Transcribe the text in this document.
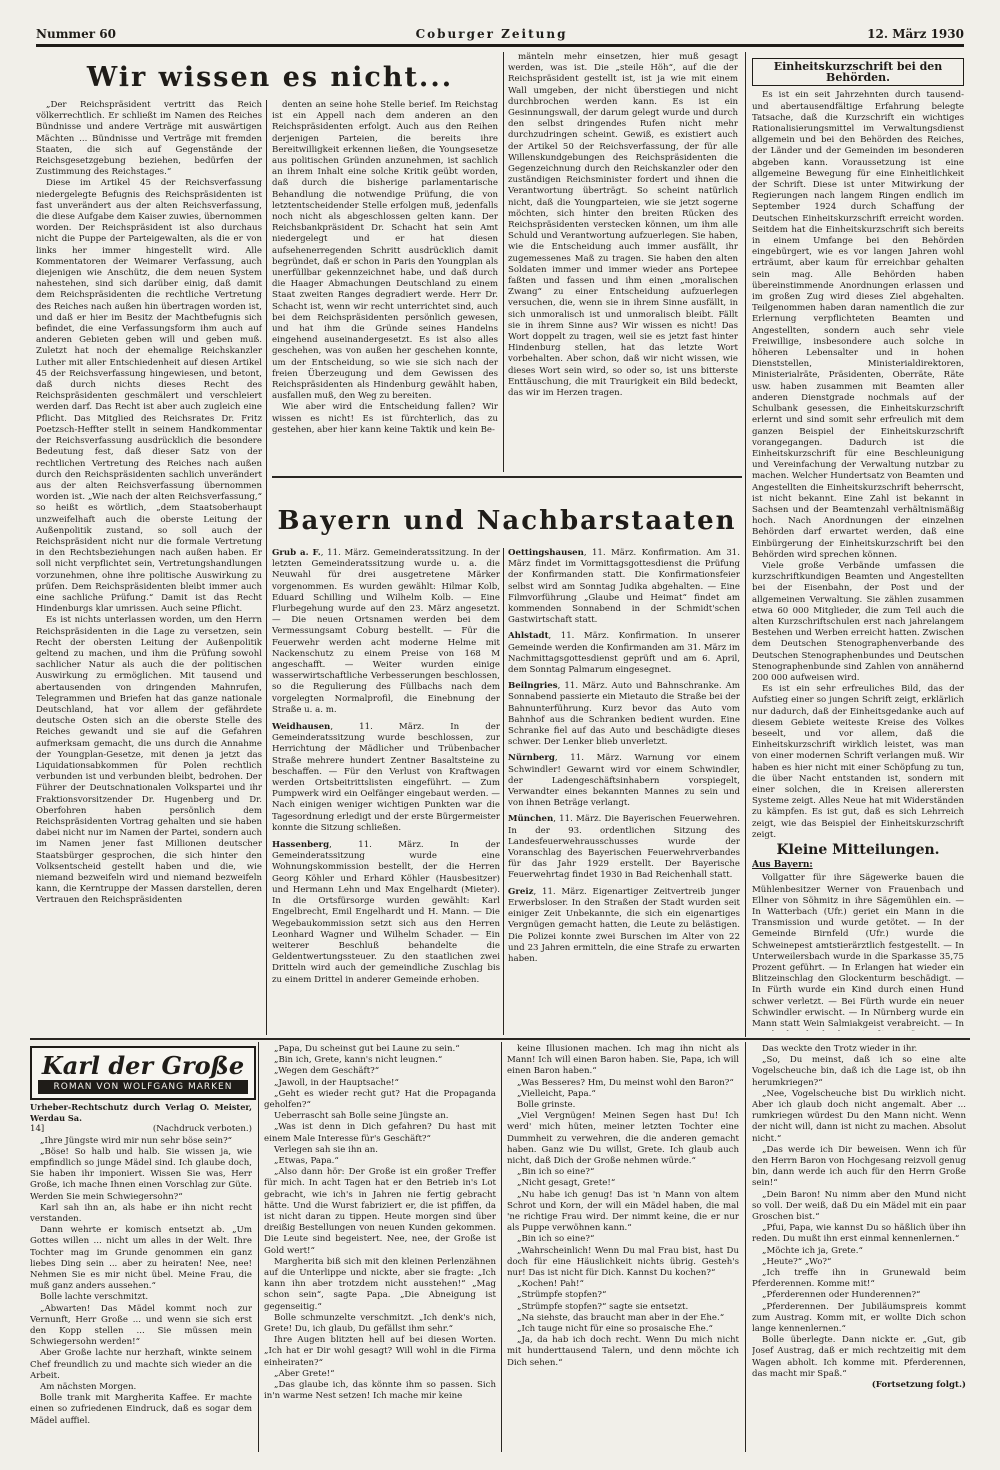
Nummer 60	Coburger Zeitung	12. März 1930
Wir wissen es nicht...

„Der Reichspräsident vertritt das Reich völkerrechtlich. Er schließt im Namen des Reiches Bündnisse und andere Verträge mit auswärtigen Mächten ... Bündnisse und Verträge mit fremden Staaten, die sich auf Gegenstände der Reichsgesetzgebung beziehen, bedürfen der Zustimmung des Reichstages.“

Diese im Artikel 45 der Reichsverfassung niedergelegte Befugnis des Reichspräsidenten ist fast unverändert aus der alten Reichsverfassung, die diese Aufgabe dem Kaiser zuwies, übernommen worden. Der Reichspräsident ist also durchaus nicht die Puppe der Parteigewalten, als die er von links her immer hingestellt wird. Alle Kommentatoren der Weimarer Verfassung, auch diejenigen wie Anschütz, die dem neuen System nahestehen, sind sich darüber einig, daß damit dem Reichspräsidenten die rechtliche Vertretung des Reiches nach außen hin übertragen worden ist, und daß er hier im Besitz der Machtbefugnis sich befindet, die eine Verfassungsform ihm auch auf anderen Gebieten geben will und geben muß. Zuletzt hat noch der ehemalige Reichskanzler Luther mit aller Entschiedenheit auf diesen Artikel 45 der Reichsverfassung hingewiesen, und betont, daß durch nichts dieses Recht des Reichspräsidenten geschmälert und verschleiert werden darf. Das Recht ist aber auch zugleich eine Pflicht. Das Mitglied des Reichsrates Dr. Fritz Poetzsch-Heffter stellt in seinem Handkommentar der Reichsverfassung ausdrücklich die besondere Bedeutung fest, daß dieser Satz von der rechtlichen Vertretung des Reiches nach außen durch den Reichspräsidenten sachlich unverändert aus der alten Reichsverfassung übernommen worden ist. „Wie nach der alten Reichsverfassung,“ so heißt es wörtlich, „dem Staatsoberhaupt unzweifelhaft auch die oberste Leitung der Außenpolitik zustand, so soll auch der Reichspräsident nicht nur die formale Vertretung in den Rechtsbeziehungen nach außen haben. Er soll nicht verpflichtet sein, Vertretungshandlungen vorzunehmen, ohne ihre politische Auswirkung zu prüfen. Dem Reichspräsidenten bleibt immer auch eine sachliche Prüfung.“ Damit ist das Recht Hindenburgs klar umrissen. Auch seine Pflicht.

Es ist nichts unterlassen worden, um den Herrn Reichspräsidenten in die Lage zu versetzen, sein Recht der obersten Leitung der Außenpolitik geltend zu machen, und ihm die Prüfung sowohl sachlicher Natur als auch die der politischen Auswirkung zu ermöglichen. Mit tausend und abertausenden von dringenden Mahnrufen, Telegrammen und Briefen hat das ganze nationale Deutschland, hat vor allem der gefährdete deutsche Osten sich an die oberste Stelle des Reiches gewandt und sie auf die Gefahren aufmerksam gemacht, die uns durch die Annahme der Youngplan-Gesetze, mit denen ja jetzt das Liquidationsabkommen für Polen rechtlich verbunden ist und verbunden bleibt, bedrohen. Der Führer der Deutschnationalen Volkspartei und ihr Fraktionsvorsitzender Dr. Hugenberg und Dr. Oberfohren haben persönlich dem Reichspräsidenten Vortrag gehalten und sie haben dabei nicht nur im Namen der Partei, sondern auch im Namen jener fast Millionen deutscher Staatsbürger gesprochen, die sich hinter den Volksentscheid gestellt haben und die, wie niemand bezweifeln wird und niemand bezweifeln kann, die Kerntruppe der Massen darstellen, deren Vertrauen den Reichspräsidenten

denten an seine hohe Stelle berief. Im Reichstag ist ein Appell nach dem anderen an den Reichspräsidenten erfolgt. Auch aus den Reihen derjenigen Parteien, die bereits ihre Bereitwilligkeit erkennen ließen, die Youngsesetze aus politischen Gründen anzunehmen, ist sachlich an ihrem Inhalt eine solche Kritik geübt worden, daß durch die bisherige parlamentarische Behandlung die notwendige Prüfung, die von letztentscheidender Stelle erfolgen muß, jedenfalls noch nicht als abgeschlossen gelten kann. Der Reichsbankpräsident Dr. Schacht hat sein Amt niedergelegt und er hat diesen aufsehenerregenden Schritt ausdrücklich damit begründet, daß er schon in Paris den Youngplan als unerfüllbar gekennzeichnet habe, und daß durch die Haager Abmachungen Deutschland zu einem Staat zweiten Ranges degradiert werde. Herr Dr. Schacht ist, wenn wir recht unterrichtet sind, auch bei dem Reichspräsidenten persönlich gewesen, und hat ihm die Gründe seines Handelns eingehend auseinandergesetzt. Es ist also alles geschehen, was von außen her geschehen konnte, um der Entscheidung, so wie sie sich nach der freien Überzeugung und dem Gewissen des Reichspräsidenten als Hindenburg gewählt haben, ausfallen muß, den Weg zu bereiten.

Wie aber wird die Entscheidung fallen? Wir wissen es nicht! Es ist fürchterlich, das zu gestehen, aber hier kann keine Taktik und kein Be-

mänteln mehr einsetzen, hier muß gesagt werden, was ist. Die „steile Höh“, auf die der Reichspräsident gestellt ist, ist ja wie mit einem Wall umgeben, der nicht überstiegen und nicht durchbrochen werden kann. Es ist ein Gesinnungswall, der darum gelegt wurde und durch den selbst dringendes Rufen nicht mehr durchzudringen scheint. Gewiß, es existiert auch der Artikel 50 der Reichsverfassung, der für alle Willenskundgebungen des Reichspräsidenten die Gegenzeichnung durch den Reichskanzler oder den zuständigen Reichsminister fordert und ihnen die Verantwortung überträgt. So scheint natürlich nicht, daß die Youngparteien, wie sie jetzt sogerne möchten, sich hinter den breiten Rücken des Reichspräsidenten verstecken können, um ihm alle Schuld und Verantwortung aufzuerlegen. Sie haben, wie die Entscheidung auch immer ausfällt, ihr zugemessenes Maß zu tragen. Sie haben den alten Soldaten immer und immer wieder ans Portepee faßten und fassen und ihm einen „moralischen Zwang“ zu einer Entscheidung aufzuerlegen versuchen, die, wenn sie in ihrem Sinne ausfällt, in sich unmoralisch ist und unmoralisch bleibt. Fällt sie in ihrem Sinne aus? Wir wissen es nicht! Das Wort doppelt zu tragen, weil sie es jetzt fast hinter Hindenburg stellen, hat das letzte Wort vorbehalten. Aber schon, daß wir nicht wissen, wie dieses Wort sein wird, so oder so, ist uns bitterste Enttäuschung, die mit Traurigkeit ein Bild bedeckt, das wir im Herzen tragen.

Einheitskurzschrift bei den Behörden.

Es ist ein seit Jahrzehnten durch tausend- und abertausendfältige Erfahrung belegte Tatsache, daß die Kurzschrift ein wichtiges Rationalisierungsmittel im Verwaltungsdienst allgemein und bei den Behörden des Reiches, der Länder und der Gemeinden im besonderen abgeben kann. Voraussetzung ist eine allgemeine Bewegung für eine Einheitlichkeit der Schrift. Diese ist unter Mitwirkung der Regierungen nach langem Ringen endlich im September 1924 durch Schaffung der Deutschen Einheitskurzschrift erreicht worden. Seitdem hat die Einheitskurzschrift sich bereits in einem Umfange bei den Behörden eingebürgert, wie es vor langen Jahren wohl erträumt, aber kaum für erreichbar gehalten sein mag. Alle Behörden haben übereinstimmende Anordnungen erlassen und im großen Zug wird dieses Ziel abgehalten. Teilgenommen haben daran namentlich die zur Erlernung verpflichteten Beamten und Angestellten, sondern auch sehr viele Freiwillige, insbesondere auch solche in höheren Lebensalter und in hohen Dienststellen, Ministerialdirektoren, Ministerialräte, Präsidenten, Oberräte, Räte usw. haben zusammen mit Beamten aller anderen Dienstgrade nochmals auf der Schulbank gesessen, die Einheitskurzschrift erlernt und sind somit sehr erfreulich mit dem ganzen Beispiel der Einheitskurzschrift vorangegangen. Dadurch ist die Einheitskurzschrift für eine Beschleunigung und Vereinfachung der Verwaltung nutzbar zu machen. Welcher Hundertsatz von Beamten und Angestellten die Einheitskurzschrift beherrscht, ist nicht bekannt. Eine Zahl ist bekannt in Sachsen und der Beamtenzahl verhältnismäßig hoch. Nach Anordnungen der einzelnen Behörden darf erwartet werden, daß eine Einbürgerung der Einheitskurzschrift bei den Behörden wird sprechen können.

Viele große Verbände umfassen die kurzschriftkundigen Beamten und Angestellten bei der Eisenbahn, der Post und der allgemeinen Verwaltung. Sie zählen zusammen etwa 60 000 Mitglieder, die zum Teil auch die alten Kurzschriftschulen erst nach jahrelangem Bestehen und Werben erreicht hatten. Zwischen dem Deutschen Stenographenverbande des Deutschen Stenographenbundes und Deutschen Stenographenbunde sind Zahlen von annähernd 200 000 aufweisen wird.

Es ist ein sehr erfreuliches Bild, das der Aufstieg einer so jungen Schrift zeigt, erklärlich nur dadurch, daß der Einheitsgedanke auch auf diesem Gebiete weiteste Kreise des Volkes beseelt, und vor allem, daß die Einheitskurzschrift wirklich leistet, was man von einer modernen Schrift verlangen muß. Wir haben es hier nicht mit einer Schöpfung zu tun, die über Nacht entstanden ist, sondern mit einer solchen, die in Kreisen allerersten Systeme zeigt. Alles Neue hat mit Widerständen zu kämpfen. Es ist gut, daß es sich Lehrreich zeigt, wie das Beispiel der Einheitskurzschrift zeigt.

Kleine Mitteilungen.
Aus Bayern:

Vollgatter für ihre Sägewerke bauen die Mühlenbesitzer Werner von Frauenbach und Ellner von Söhmitz in ihre Sägemühlen ein. — In Watterbach (Ufr.) geriet ein Mann in die Transmission und wurde getötet. — In der Gemeinde Birnfeld (Ufr.) wurde die Schweinepest amtstierärztlich festgestellt. — In Unterweilersbach wurde in die Sparkasse 35,75 Prozent geführt. — In Erlangen hat wieder ein Blitzeinschlag den Glockenturm beschädigt. — In Fürth wurde ein Kind durch einen Hund schwer verletzt. — Bei Fürth wurde ein neuer Schwindler erwischt. — In Nürnberg wurde ein Mann statt Wein Salmiakgeist verabreicht. — In

Bayern und Nachbarstaaten
Grub a. F., 11. März. Gemeinderatssitzung. In der letzten Gemeinderatssitzung wurde u. a. die Neuwahl für drei ausgetretene Märker vorgenommen. Es wurden gewählt: Hilmar Kolb, Eduard Schilling und Wilhelm Kolb. — Eine Flurbegehung wurde auf den 23. März angesetzt. — Die neuen Ortsnamen werden bei dem Vermessungsamt Coburg bestellt. — Für die Feuerwehr werden acht moderne Helme mit Nackenschutz zu einem Preise von 168 M angeschafft. — Weiter wurden einige wasserwirtschaftliche Verbesserungen beschlossen, so die Regulierung des Füllbachs nach dem vorgelegten Normalprofil, die Einebnung der Straße u. a. m.
Weidhausen, 11. März.	In der Gemeinderatssitzung wurde beschlossen, zur Herrichtung der Mädlicher und Trübenbacher Straße mehrere hundert Zentner Basaltsteine zu beschaffen. — Für den Verlust von Kraftwagen werden Ortsbeitrittslisten eingeführt. — Zum Pumpwerk wird ein Oelfänger eingebaut werden. — Nach einigen weniger wichtigen Punkten war die Tagesordnung erledigt und der erste Bürgermeister konnte die Sitzung schließen.
Hassenberg, 11. März.	In der Gemeinderatssitzung wurde eine Wohnungskommission bestellt, der die Herren Georg Köhler und Erhard Köhler (Hausbesitzer) und Hermann Lehn und Max Engelhardt (Mieter). In die Ortsfürsorge wurden gewählt: Karl Engelbrecht, Emil Engelhardt und H. Mann. — Die Wegebaukommission setzt sich aus den Herren Leonhard Wagner und Wilhelm Schader. — Ein weiterer Beschluß behandelte die Geldentwertungssteuer. Zu den staatlichen zwei Dritteln wird auch der gemeindliche Zuschlag bis zu einem Drittel in anderer Gemeinde erhoben.
Oettingshausen, 11. März. Konfirmation. Am 31. März findet im Vormittagsgottesdienst die Prüfung der Konfirmanden statt. Die Konfirmationsfeier selbst wird am Sonntag Judika abgehalten. — Eine Filmvorführung „Glaube und Heimat“ findet am kommenden Sonnabend in der Schmidt'schen Gastwirtschaft statt.
Ahlstadt, 11. März. Konfirmation. In unserer Gemeinde werden die Konfirmanden am 31. März im Nachmittagsgottesdienst geprüft und am 6. April, dem Sonntag Palmarum eingesegnet.
Beilngries, 11. März. Auto und Bahnschranke. Am Sonnabend passierte ein Mietauto die Straße bei der Bahnunterführung. Kurz bevor das Auto vom Bahnhof aus die Schranken bedient wurden. Eine Schranke fiel auf das Auto und beschädigte dieses schwer. Der Lenker blieb unverletzt.
Nürnberg, 11. März. Warnung vor einem Schwindler! Gewarnt wird vor einem Schwindler, der Ladengeschäftsinhabern vorspiegelt, Verwandter eines bekannten Mannes zu sein und von ihnen Beträge verlangt.
München, 11. März. Die Bayerischen Feuerwehren. In der 93. ordentlichen Sitzung des Landesfeuerwehrausschusses wurde der Voranschlag des Bayerischen Feuerwehrverbandes für das Jahr 1929 erstellt. Der Bayerische Feuerwehrtag findet 1930 in Bad Reichenhall statt.
Greiz, 11. März. Eigenartiger Zeitvertreib junger Erwerbsloser. In den Straßen der Stadt wurden seit einiger Zeit Unbekannte, die sich ein eigenartiges Vergnügen gemacht hatten, die Leute zu belästigen. Die Polizei konnte zwei Burschen im Alter von 22 und 23 Jahren ermitteln, die eine Strafe zu erwarten haben.
Karl der Große
ROMAN VON WOLFGANG MARKEN
Urheber-Rechtschutz durch Verlag O. Meister, Werdau Sa.
14]	(Nachdruck verboten.)

„Ihre Jüngste wird mir nun sehr böse sein?“

„Böse! So halb und halb. Sie wissen ja, wie empfindlich so junge Mädel sind. Ich glaube doch, Sie haben ihr imponiert. Wissen Sie was, Herr Große, ich mache Ihnen einen Vorschlag zur Güte. Werden Sie mein Schwiegersohn?“

Karl sah ihn an, als habe er ihn nicht recht verstanden.

Dann wehrte er komisch entsetzt ab. „Um Gottes willen ... nicht um alles in der Welt. Ihre Tochter mag im Grunde genommen ein ganz liebes Ding sein ... aber zu heiraten! Nee, nee! Nehmen Sie es mir nicht übel. Meine Frau, die muß ganz anders aussehen.“

Bolle lachte verschmitzt.

„Abwarten! Das Mädel kommt noch zur Vernunft, Herr Große ... und wenn sie sich erst den Kopp stellen ... Sie müssen mein Schwiegersohn werden!“

Aber Große lachte nur herzhaft, winkte seinem Chef freundlich zu und machte sich wieder an die Arbeit.

Am nächsten Morgen.

Bolle trank mit Margherita Kaffee. Er machte einen so zufriedenen Eindruck, daß es sogar dem Mädel auffiel.

„Papa, Du scheinst gut bei Laune zu sein.“

„Bin ich, Grete, kann's nicht leugnen.“

„Wegen dem Geschäft?“

„Jawoll, in der Hauptsache!“

„Geht es wieder recht gut? Hat die Propaganda geholfen?“

Ueberrascht sah Bolle seine Jüngste an.

„Was ist denn in Dich gefahren? Du hast mit einem Male Interesse für's Geschäft?“

Verlegen sah sie ihn an.

„Etwas, Papa.“

„Also dann hör: Der Große ist ein großer Treffer für mich. In acht Tagen hat er den Betrieb in's Lot gebracht, wie ich's in Jahren nie fertig gebracht hätte. Und die Wurst fabriziert er, die ist pfiffen, da ist nicht daran zu tippen. Heute morgen sind über dreißig Bestellungen von neuen Kunden gekommen. Die Leute sind begeistert. Nee, nee, der Große ist Gold wert!“

Margherita biß sich mit den kleinen Perlenzähnen auf die Unterlippe und nickte, aber sie fragte: „Ich kann ihn aber trotzdem nicht ausstehen!“ „Mag schon sein“, sagte Papa. „Die Abneigung ist gegenseitig.“

Bolle schmunzelte verschmitzt. „Ich denk's nich, Grete! Du, ich glaub, Du gefällst ihm sehr.“

Ihre Augen blitzten hell auf bei diesen Worten. „Ich hat er Dir wohl gesagt? Will wohl in die Firma einheiraten?“

„Aber Grete!“

„Das glaube ich, das könnte ihm so passen. Sich in'n warme Nest setzen! Ich mache mir keine

keine Illusionen machen. Ich mag ihn nicht als Mann! Ich will einen Baron haben. Sie, Papa, ich will einen Baron haben.“

„Was Besseres? Hm, Du meinst wohl den Baron?“

„Vielleicht, Papa.“

Bolle grinste.

„Viel Vergnügen! Meinen Segen hast Du! Ich werd' mich hüten, meiner letzten Tochter eine Dummheit zu verwehren, die die anderen gemacht haben. Ganz wie Du willst, Grete. Ich glaub auch nicht, daß Dich der Große nehmen würde.“

„Bin ich so eine?“

„Nicht gesagt, Grete!“

„Nu habe ich genug! Das ist 'n Mann von altem Schrot und Korn, der will ein Mädel haben, die mal 'ne richtige Frau wird. Der nimmt keine, die er nur als Puppe verwöhnen kann.“

„Bin ich so eine?“

„Wahrscheinlich! Wenn Du mal Frau bist, hast Du doch für eine Häuslichkeit nichts übrig. Gesteh's nur! Das ist nicht für Dich. Kannst Du kochen?“

„Kochen! Pah!“

„Strümpfe stopfen?“

„Strümpfe stopfen?“ sagte sie entsetzt.

„Na siehste, das braucht man aber in der Ehe.“

„Ich tauge nicht für eine so prosaische Ehe.“

„Ja, da hab ich doch recht. Wenn Du mich nicht mit hunderttausend Talern, und denn möchte ich Dich sehen.“

Das weckte den Trotz wieder in ihr.

„So, Du meinst, daß ich so eine alte Vogelscheuche bin, daß ich die Lage ist, ob ihn herumkriegen?“

„Nee, Vogelscheuche bist Du wirklich nicht. Aber ich glaub doch nicht angemalt. Aber ... rumkriegen würdest Du den Mann nicht. Wenn der nicht will, dann ist nicht zu machen. Absolut nicht.“

„Das werde ich Dir beweisen. Wenn ich für den Herrn Baron von Hochgesang reizvoll genug bin, dann werde ich auch für den Herrn Große sein!“

„Dein Baron! Nu nimm aber den Mund nicht so voll. Der weiß, daß Du ein Mädel mit ein paar Groschen bist.“

„Pfui, Papa, wie kannst Du so häßlich über ihn reden. Du mußt ihn erst einmal kennenlernen.“

„Möchte ich ja, Grete.“

„Heute?“ „Wo?“

„Ich treffe ihn in Grunewald beim Pferderennen. Komme mit!“

„Pferderennen oder Hunderennen?“

„Pferderennen. Der Jubiläumspreis kommt zum Austrag. Komm mit, er wollte Dich schon lange kennenlernen.“

Bolle überlegte. Dann nickte er. „Gut, gib Josef Austrag, daß er mich rechtzeitig mit dem Wagen abholt. Ich komme mit. Pferderennen, das macht mir Spaß.“

(Fortsetzung folgt.)
